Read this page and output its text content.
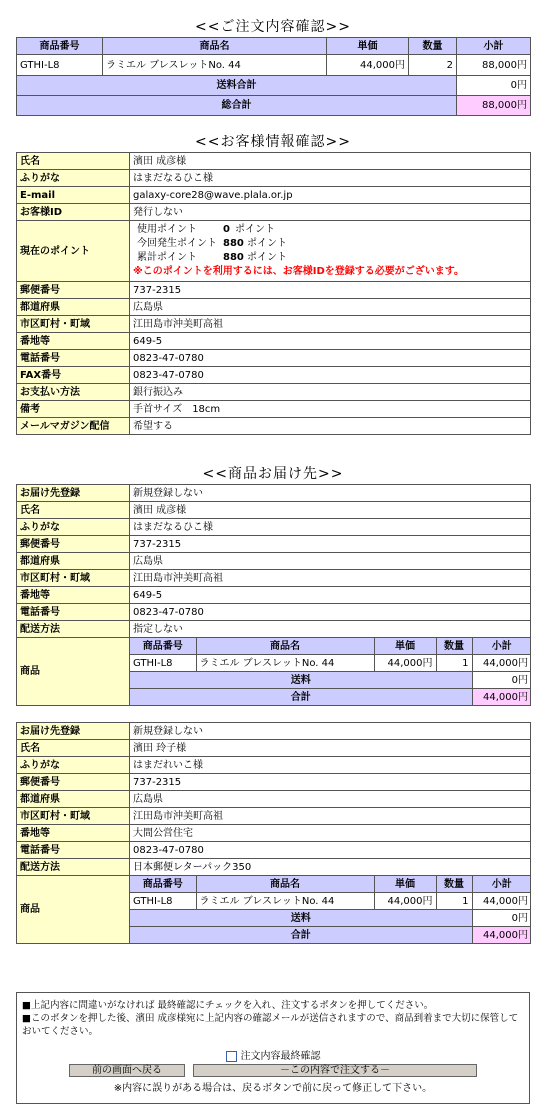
<<ご注文内容確認>>
商品番号	商品名	単価	数量	小計
GTHI-L8	ラミエル ブレスレットNo. 44	44,000円	2	88,000円
送料合計				0円
総合計				88,000円
<<お客様情報確認>>
氏名	濱田 成彦様
ふりがな	はまだなるひこ様
E-mail	galaxy-core28@wave.plala.or.jp
お客様ID	発行しない
現在のポイント	使用ポイント 0 ポイント
今回発生ポイント 880 ポイント
累計ポイント 880 ポイント
※このポイントを利用するには、お客様IDを登録する必要がございます。

郵便番号	737-2315
都道府県	広島県
市区町村・町域	江田島市沖美町高祖
番地等	649-5
電話番号	0823-47-0780
FAX番号	0823-47-0780
お支払い方法	銀行振込み
備考	手首サイズ　18cm
メールマガジン配信	希望する
<<商品お届け先>>
お届け先登録	新規登録しない
氏名	濱田 成彦様
ふりがな	はまだなるひこ様
郵便番号	737-2315
都道府県	広島県
市区町村・町域	江田島市沖美町高祖
番地等	649-5
電話番号	0823-47-0780
配送方法	指定しない
商品	
商品番号	商品名	単価	数量	小計
GTHI-L8	ラミエル ブレスレットNo. 44	44,000円	1	44,000円
送料	0円
合計	44,000円
お届け先登録	新規登録しない
氏名	濱田 玲子様
ふりがな	はまだれいこ様
郵便番号	737-2315
都道府県	広島県
市区町村・町域	江田島市沖美町高祖
番地等	大間公営住宅
電話番号	0823-47-0780
配送方法	日本郵便レターパック350
商品	
商品番号	商品名	単価	数量	小計
GTHI-L8	ラミエル ブレスレットNo. 44	44,000円	1	44,000円
送料	0円
合計	44,000円
■上記内容に問違いがなければ 最終確認にチェックを入れ、注文するボタンを押してください。
■このボタンを押した後、濱田 成彦様宛に上記内容の確認メールが送信されますので、商品到着まで大切に保管しておいてください。
注文内容最終確認
前の画面へ戻る	－この内容で注文する－
※内容に誤りがある場合は、戻るボタンで前に戻って修正して下さい。
